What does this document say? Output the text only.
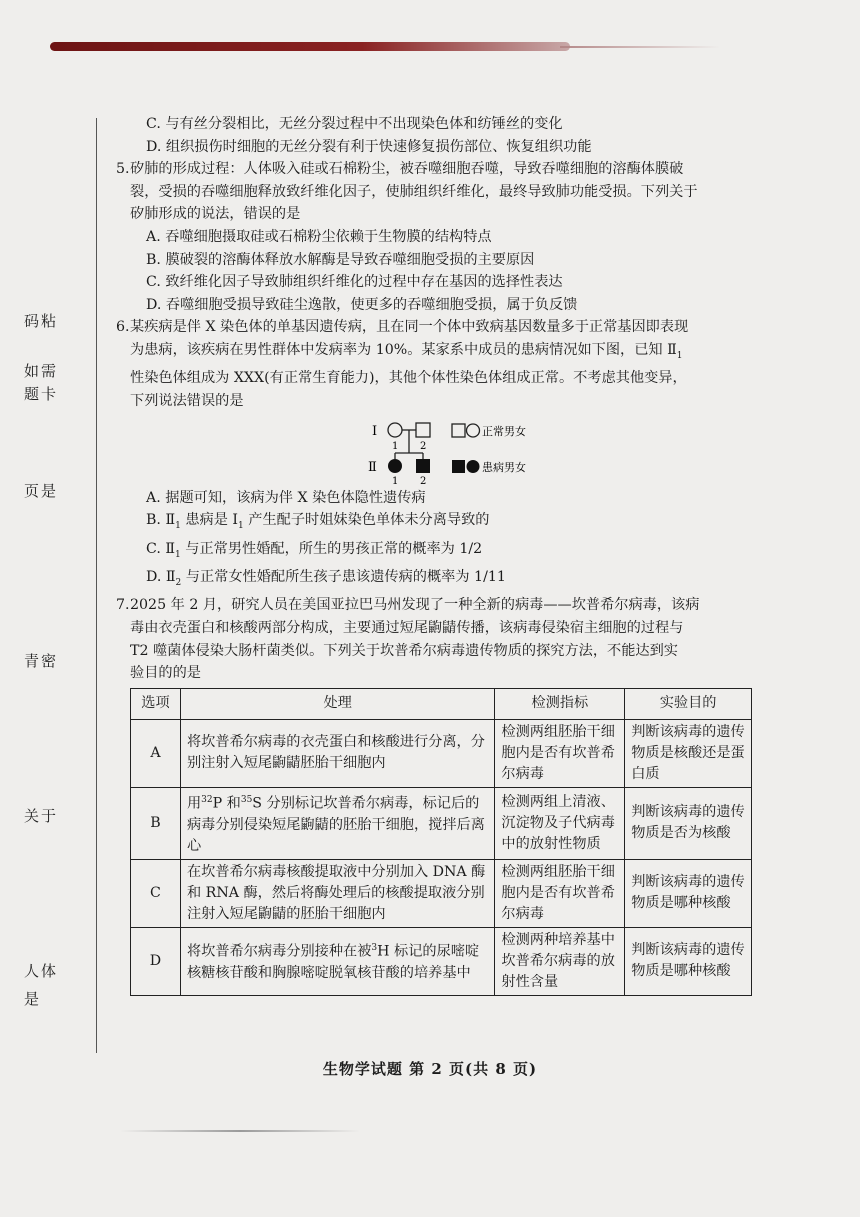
码粘
如需
题卡
页是
青密
关于
人体
是
C. 与有丝分裂相比，无丝分裂过程中不出现染色体和纺锤丝的变化
D. 组织损伤时细胞的无丝分裂有利于快速修复损伤部位、恢复组织功能
5. 矽肺的形成过程：人体吸入硅或石棉粉尘，被吞噬细胞吞噬，导致吞噬细胞的溶酶体膜破
裂，受损的吞噬细胞释放致纤维化因子，使肺组织纤维化，最终导致肺功能受损。下列关于
矽肺形成的说法，错误的是
A. 吞噬细胞摄取硅或石棉粉尘依赖于生物膜的结构特点
B. 膜破裂的溶酶体释放水解酶是导致吞噬细胞受损的主要原因
C. 致纤维化因子导致肺组织纤维化的过程中存在基因的选择性表达
D. 吞噬细胞受损导致硅尘逸散，使更多的吞噬细胞受损，属于负反馈
6. 某疾病是伴 X 染色体的单基因遗传病，且在同一个体中致病基因数量多于正常基因即表现
为患病，该疾病在男性群体中发病率为 10%。某家系中成员的患病情况如下图，已知 $Ⅱ_1$
性染色体组成为 XXX(有正常生育能力)，其他个体性染色体组成正常。不考虑其他变异，
下列说法错误的是
Ⅰ
1 2
Ⅱ
1 2
正常男女
患病男女
A. 据题可知，该病为伴 X 染色体隐性遗传病
B. $Ⅱ_1$ 患病是 $Ⅰ_1$ 产生配子时姐妹染色单体未分离导致的
C. $Ⅱ_1$ 与正常男性婚配，所生的男孩正常的概率为 1/2
D. $Ⅱ_2$ 与正常女性婚配所生孩子患该遗传病的概率为 1/11
7. 2025 年 2 月，研究人员在美国亚拉巴马州发现了一种全新的病毒——坎普希尔病毒，该病
毒由衣壳蛋白和核酸两部分构成，主要通过短尾鼩鼱传播，该病毒侵染宿主细胞的过程与
T2 噬菌体侵染大肠杆菌类似。下列关于坎普希尔病毒遗传物质的探究方法，不能达到实
验目的的是
选项	处理	检测指标	实验目的
A	将坎普希尔病毒的衣壳蛋白和核酸进行分离，分别注射入短尾鼩鼱胚胎干细胞内	检测两组胚胎干细胞内是否有坎普希尔病毒	判断该病毒的遗传物质是核酸还是蛋白质
B	用$^{32}$P 和$^{35}$S 分别标记坎普希尔病毒，标记后的病毒分别侵染短尾鼩鼱的胚胎干细胞，搅拌后离心	检测两组上清液、沉淀物及子代病毒中的放射性物质	判断该病毒的遗传物质是否为核酸
C	在坎普希尔病毒核酸提取液中分别加入 DNA 酶和 RNA 酶，然后将酶处理后的核酸提取液分别注射入短尾鼩鼱的胚胎干细胞内	检测两组胚胎干细胞内是否有坎普希尔病毒	判断该病毒的遗传物质是哪种核酸
D	将坎普希尔病毒分别接种在被$^3$H 标记的尿嘧啶核糖核苷酸和胸腺嘧啶脱氧核苷酸的培养基中	检测两种培养基中坎普希尔病毒的放射性含量	判断该病毒的遗传物质是哪种核酸
生物学试题 第 2 页(共 8 页)
